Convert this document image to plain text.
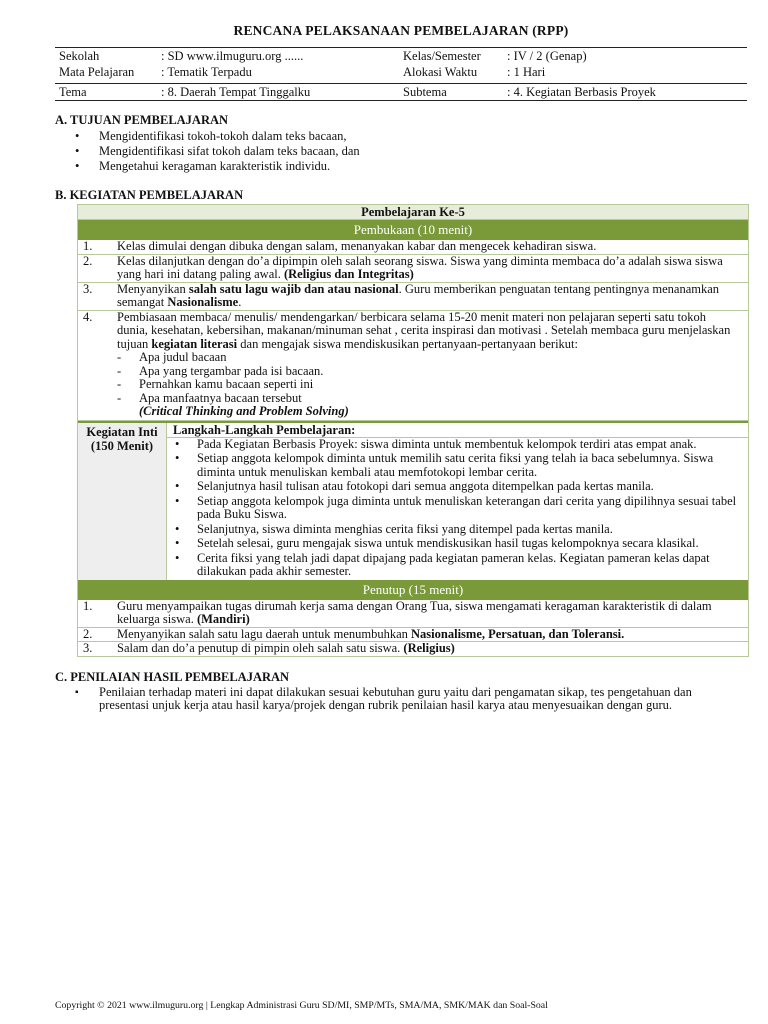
RENCANA PELAKSANAAN PEMBELAJARAN (RPP)
Sekolah	: SD www.ilmuguru.org ......	Kelas/Semester	: IV / 2 (Genap)
Mata Pelajaran	: Tematik Terpadu	Alokasi Waktu	: 1 Hari
Tema	: 8. Daerah Tempat Tinggalku	Subtema	: 4. Kegiatan Berbasis Proyek
A. TUJUAN PEMBELAJARAN
• Mengidentifikasi tokoh-tokoh dalam teks bacaan,
• Mengidentifikasi sifat tokoh dalam teks bacaan, dan
• Mengetahui keragaman karakteristik individu.
B. KEGIATAN PEMBELAJARAN
Pembelajaran Ke-5
Pembukaan (10 menit)
1.	Kelas dimulai dengan dibuka dengan salam, menanyakan kabar dan mengecek kehadiran siswa.
2.	Kelas dilanjutkan dengan do’a dipimpin oleh salah seorang siswa. Siswa yang diminta membaca do’a adalah siswa siswa yang hari ini datang paling awal. (Religius dan Integritas)
3.	Menyanyikan salah satu lagu wajib dan atau nasional. Guru memberikan penguatan tentang pentingnya menanamkan semangat Nasionalisme.
4.	Pembiasaan membaca/ menulis/ mendengarkan/ berbicara selama 15-20 menit materi non pelajaran seperti satu tokoh dunia, kesehatan, kebersihan, makanan/minuman sehat , cerita inspirasi dan motivasi . Setelah membaca guru menjelaskan tujuan kegiatan literasi dan mengajak siswa mendiskusikan pertanyaan-pertanyaan berikut:
- Apa judul bacaan
- Apa yang tergambar pada isi bacaan.
- Pernahkan kamu bacaan seperti ini
- Apa manfaatnya bacaan tersebut
(Critical Thinking and Problem Solving)
Kegiatan Inti (150 Menit)
Langkah-Langkah Pembelajaran:
• Pada Kegiatan Berbasis Proyek: siswa diminta untuk membentuk kelompok terdiri atas empat anak.
• Setiap anggota kelompok diminta untuk memilih satu cerita fiksi yang telah ia baca sebelumnya. Siswa diminta untuk menuliskan kembali atau memfotokopi lembar cerita.
• Selanjutnya hasil tulisan atau fotokopi dari semua anggota ditempelkan pada kertas manila.
• Setiap anggota kelompok juga diminta untuk menuliskan keterangan dari cerita yang dipilihnya sesuai tabel pada Buku Siswa.
• Selanjutnya, siswa diminta menghias cerita fiksi yang ditempel pada kertas manila.
• Setelah selesai, guru mengajak siswa untuk mendiskusikan hasil tugas kelompoknya secara klasikal.
• Cerita fiksi yang telah jadi dapat dipajang pada kegiatan pameran kelas. Kegiatan pameran kelas dapat dilakukan pada akhir semester.
Penutup (15 menit)
1.	Guru menyampaikan tugas dirumah kerja sama dengan Orang Tua, siswa mengamati keragaman karakteristik di dalam keluarga siswa. (Mandiri)
2.	Menyanyikan salah satu lagu daerah untuk menumbuhkan Nasionalisme, Persatuan, dan Toleransi.
3.	Salam dan do’a penutup di pimpin oleh salah satu siswa. (Religius)
C. PENILAIAN HASIL PEMBELAJARAN
▪ Penilaian terhadap materi ini dapat dilakukan sesuai kebutuhan guru yaitu dari pengamatan sikap, tes pengetahuan dan presentasi unjuk kerja atau hasil karya/projek dengan rubrik penilaian hasil karya atau menyesuaikan dengan guru.
Copyright © 2021 www.ilmuguru.org | Lengkap Administrasi Guru SD/MI, SMP/MTs, SMA/MA, SMK/MAK dan Soal-Soal
